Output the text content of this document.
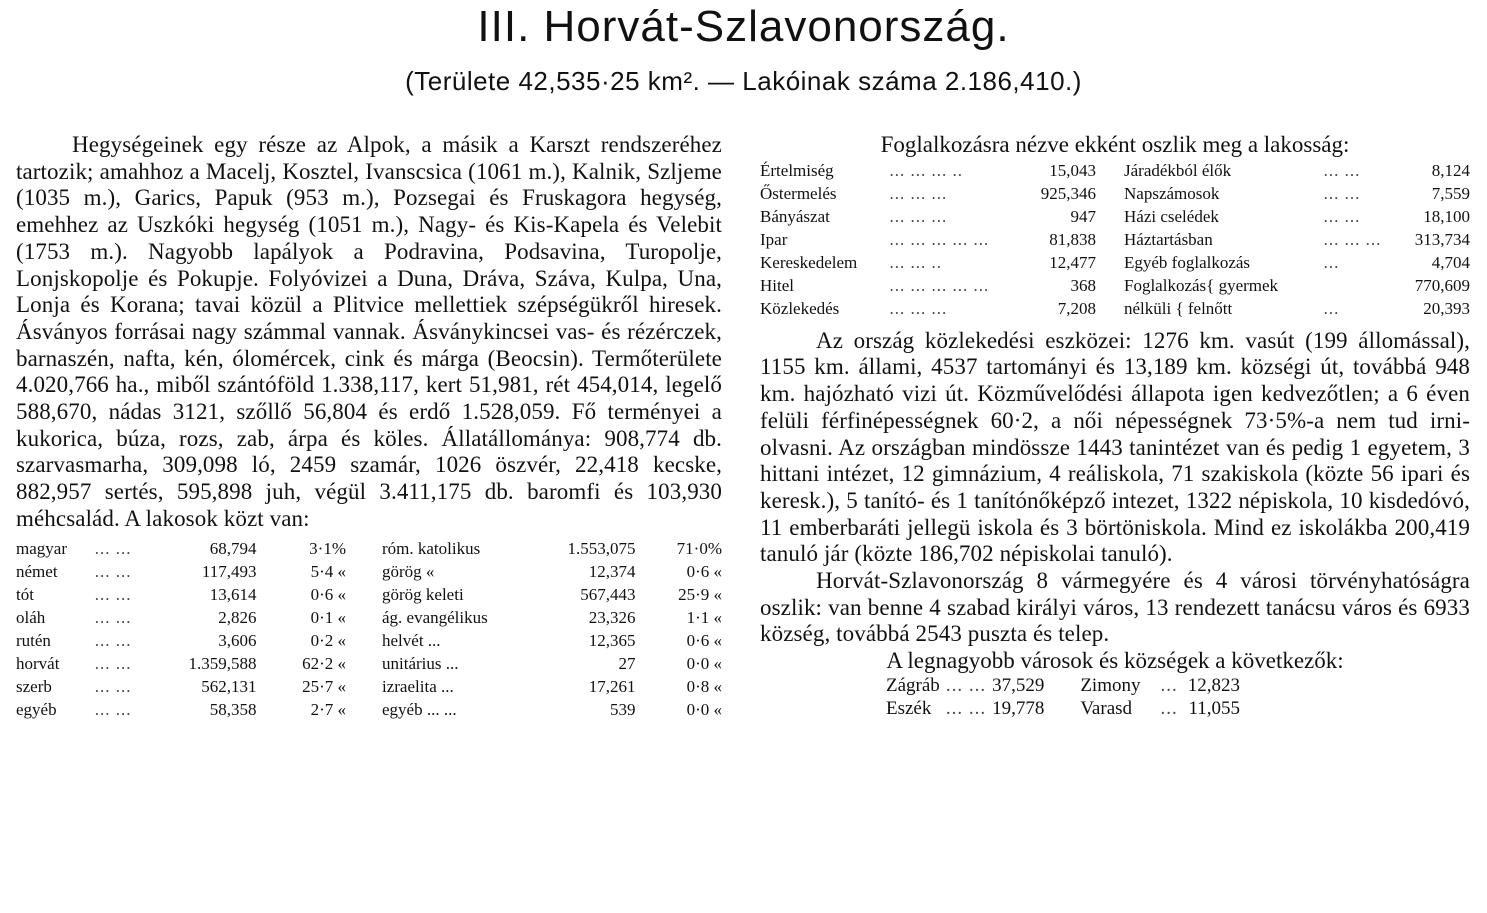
III. Horvát-Szlavonország.
(Területe 42,535·25 km². — Lakóinak száma 2.186,410.)

Hegységeinek egy része az Alpok, a másik a Karszt rendszeréhez tartozik; amahhoz a Macelj, Kosztel, Ivanscsica (1061 m.), Kalnik, Szljeme (1035 m.), Garics, Papuk (953 m.), Pozsegai és Fruskagora hegység, emehhez az Uszkóki hegység (1051 m.), Nagy- és Kis-Kapela és Velebit (1753 m.). Nagyobb lapályok a Podravina, Podsavina, Turopolje, Lonjskopolje és Pokupje. Folyóvizei a Duna, Dráva, Száva, Kulpa, Una, Lonja és Korana; tavai közül a Plitvice mellettiek szépségükről hiresek. Ásványos forrásai nagy számmal vannak. Ásványkincsei vas- és rézérczek, barnaszén, nafta, kén, ólomércek, cink és márga (Beocsin). Termőterülete 4.020,766 ha., miből szántóföld 1.338,117, kert 51,981, rét 454,014, legelő 588,670, nádas 3121, szőllő 56,804 és erdő 1.528,059. Fő terményei a kukorica, búza, rozs, zab, árpa és köles. Állatállománya: 908,774 db. szarvasmarha, 309,098 ló, 2459 szamár, 1026 öszvér, 22,418 kecske, 882,957 sertés, 595,898 juh, végül 3.411,175 db. baromfi és 103,930 méhcsalád. A lakosok közt van:

magyar	... ...	68,794	3·1%
német	... ...	117,493	5·4 «
tót	... ...	13,614	0·6 «
oláh	... ...	2,826	0·1 «
rutén	... ...	3,606	0·2 «
horvát	... ...	1.359,588	62·2 «
szerb	... ...	562,131	25·7 «
egyéb	... ...	58,358	2·7 «
róm. katolikus	1.553,075	71·0%
görög «	12,374	0·6 «
görög keleti	567,443	25·9 «
ág. evangélikus	23,326	1·1 «
helvét ...	12,365	0·6 «
unitárius ...	27	0·0 «
izraelita ...	17,261	0·8 «
egyéb ... ...	539	0·0 «

Foglalkozásra nézve ekként oszlik meg a lakosság:

Értelmiség	... ... ... ..	15,043
Őstermelés	... ... ...	925,346
Bányászat	... ... ...	947
Ipar	... ... ... ... ...	81,838
Kereskedelem	... ... ..	12,477
Hitel	... ... ... ... ...	368
Közlekedés	... ... ...	7,208
Járadékból élők	... ...	8,124
Napszámosok	... ...	7,559
Házi cselédek	... ...	18,100
Háztartásban	... ... ...	313,734
Egyéb foglalkozás	...	4,704
Foglalkozás{ gyermek		770,609
nélküli { felnőtt	...	20,393

Az ország közlekedési eszközei: 1276 km. vasút (199 állomással), 1155 km. állami, 4537 tartományi és 13,189 km. községi út, továbbá 948 km. hajózható vizi út. Közművelődési állapota igen kedvezőtlen; a 6 éven felüli férfinépességnek 60·2, a női népességnek 73·5%-a nem tud irni-olvasni. Az országban mindössze 1443 tanintézet van és pedig 1 egyetem, 3 hittani intézet, 12 gimnázium, 4 reáliskola, 71 szakiskola (közte 56 ipari és keresk.), 5 tanító- és 1 tanítónőképző intezet, 1322 népiskola, 10 kisdedóvó, 11 emberbaráti jellegü iskola és 3 börtöniskola. Mind ez iskolákba 200,419 tanuló jár (közte 186,702 népiskolai tanuló).

Horvát-Szlavonország 8 vármegyére és 4 városi törvényhatóságra oszlik: van benne 4 szabad királyi város, 13 rendezett tanácsu város és 6933 község, továbbá 2543 puszta és telep.

A legnagyobb városok és községek a következők:

Zágráb	... ...	37,529	Zimony	...	12,823
Eszék	... ...	19,778	Varasd	...	11,055
